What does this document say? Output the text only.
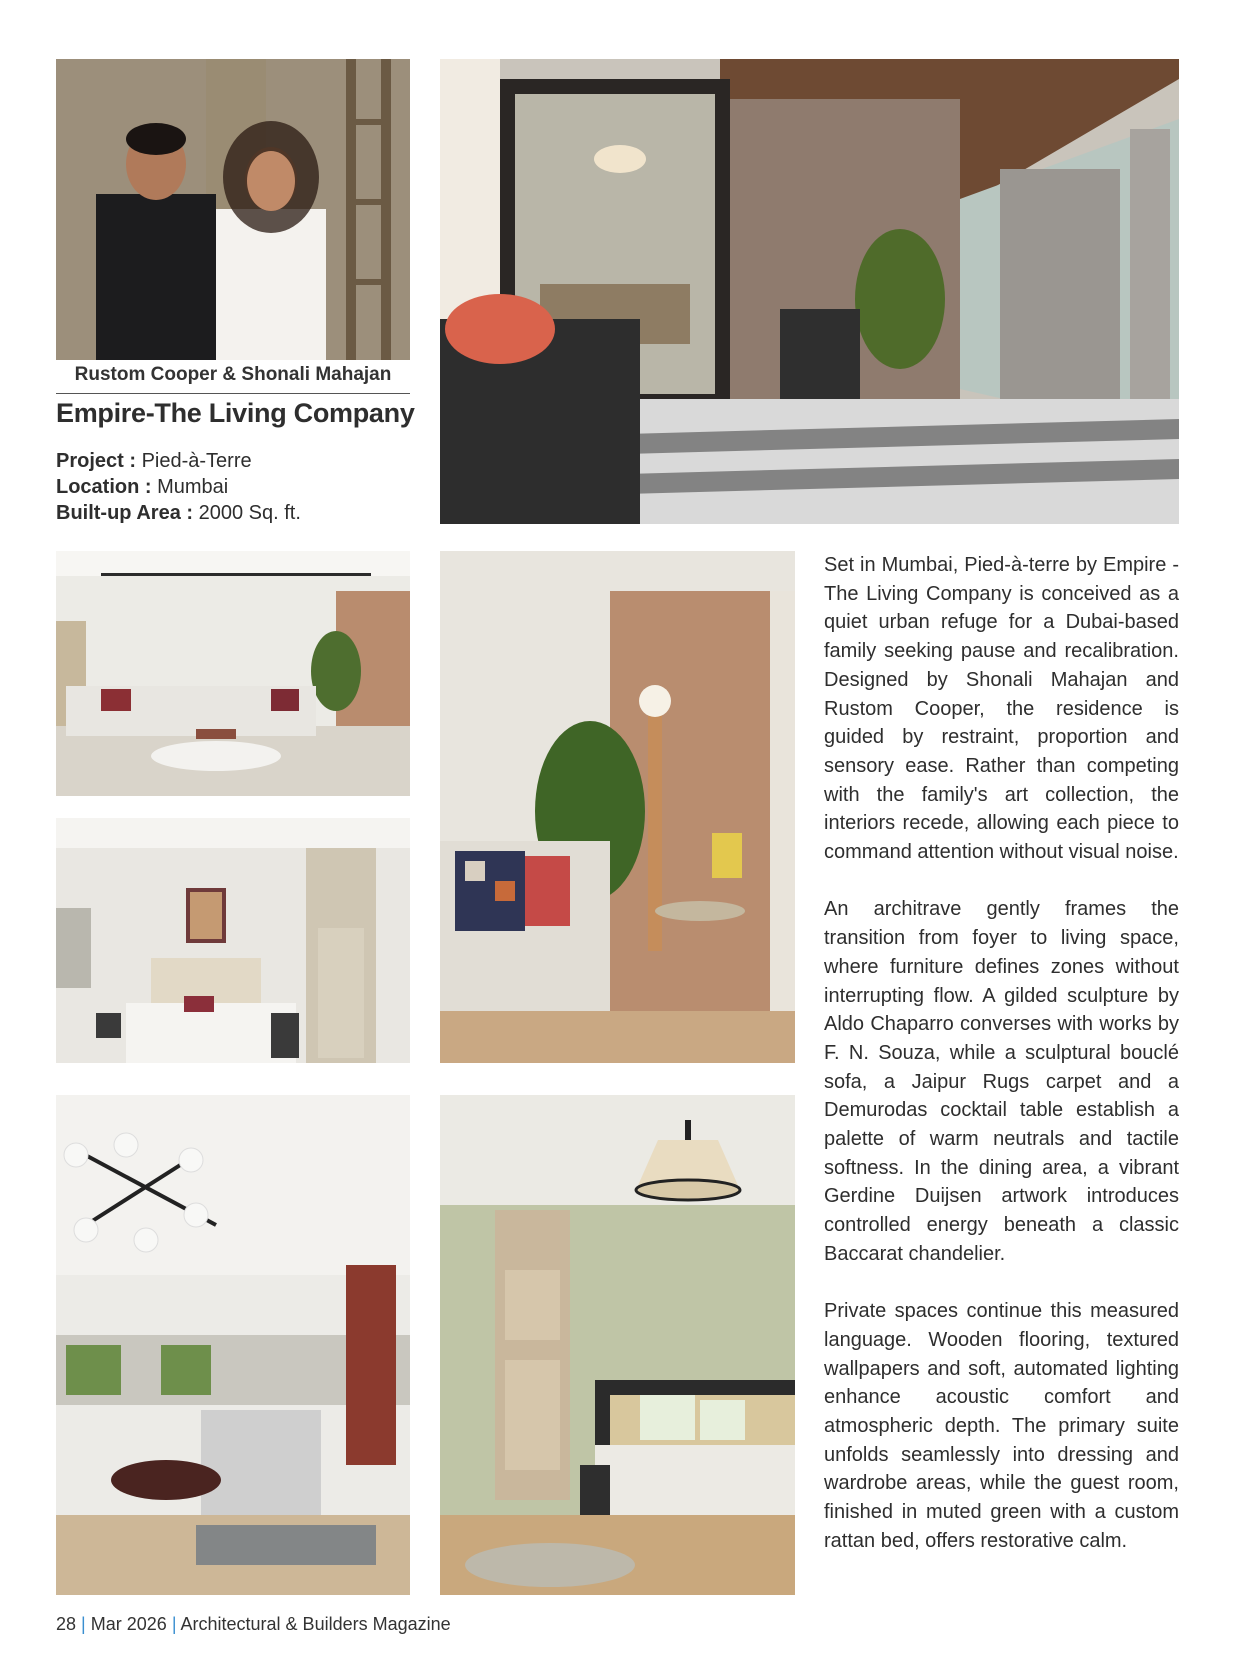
Rustom Cooper & Shonali Mahajan
Empire-The Living Company
Project : Pied-à-Terre
Location : Mumbai
Built-up Area : 2000 Sq. ft.

Set in Mumbai, Pied-à-terre by Empire - The Living Company is conceived as a quiet urban refuge for a Dubai-based family seeking pause and recalibration. Designed by Shonali Mahajan and Rustom Cooper, the residence is guided by restraint, proportion and sensory ease. Rather than competing with the family's art collection, the interiors recede, allowing each piece to command attention without visual noise.

An architrave gently frames the transition from foyer to living space, where furniture defines zones without interrupting flow. A gilded sculpture by Aldo Chaparro converses with works by F. N. Souza, while a sculptural bouclé sofa, a Jaipur Rugs carpet and a Demurodas cocktail table establish a palette of warm neutrals and tactile softness. In the dining area, a vibrant Gerdine Duijsen artwork introduces controlled energy beneath a classic Baccarat chandelier.

Private spaces continue this measured language. Wooden flooring, textured wallpapers and soft, automated lighting enhance acoustic comfort and atmospheric depth. The primary suite unfolds seamlessly into dressing and wardrobe areas, while the guest room, finished in muted green with a custom rattan bed, offers restorative calm.

28 | Mar 2026 | Architectural & Builders Magazine
